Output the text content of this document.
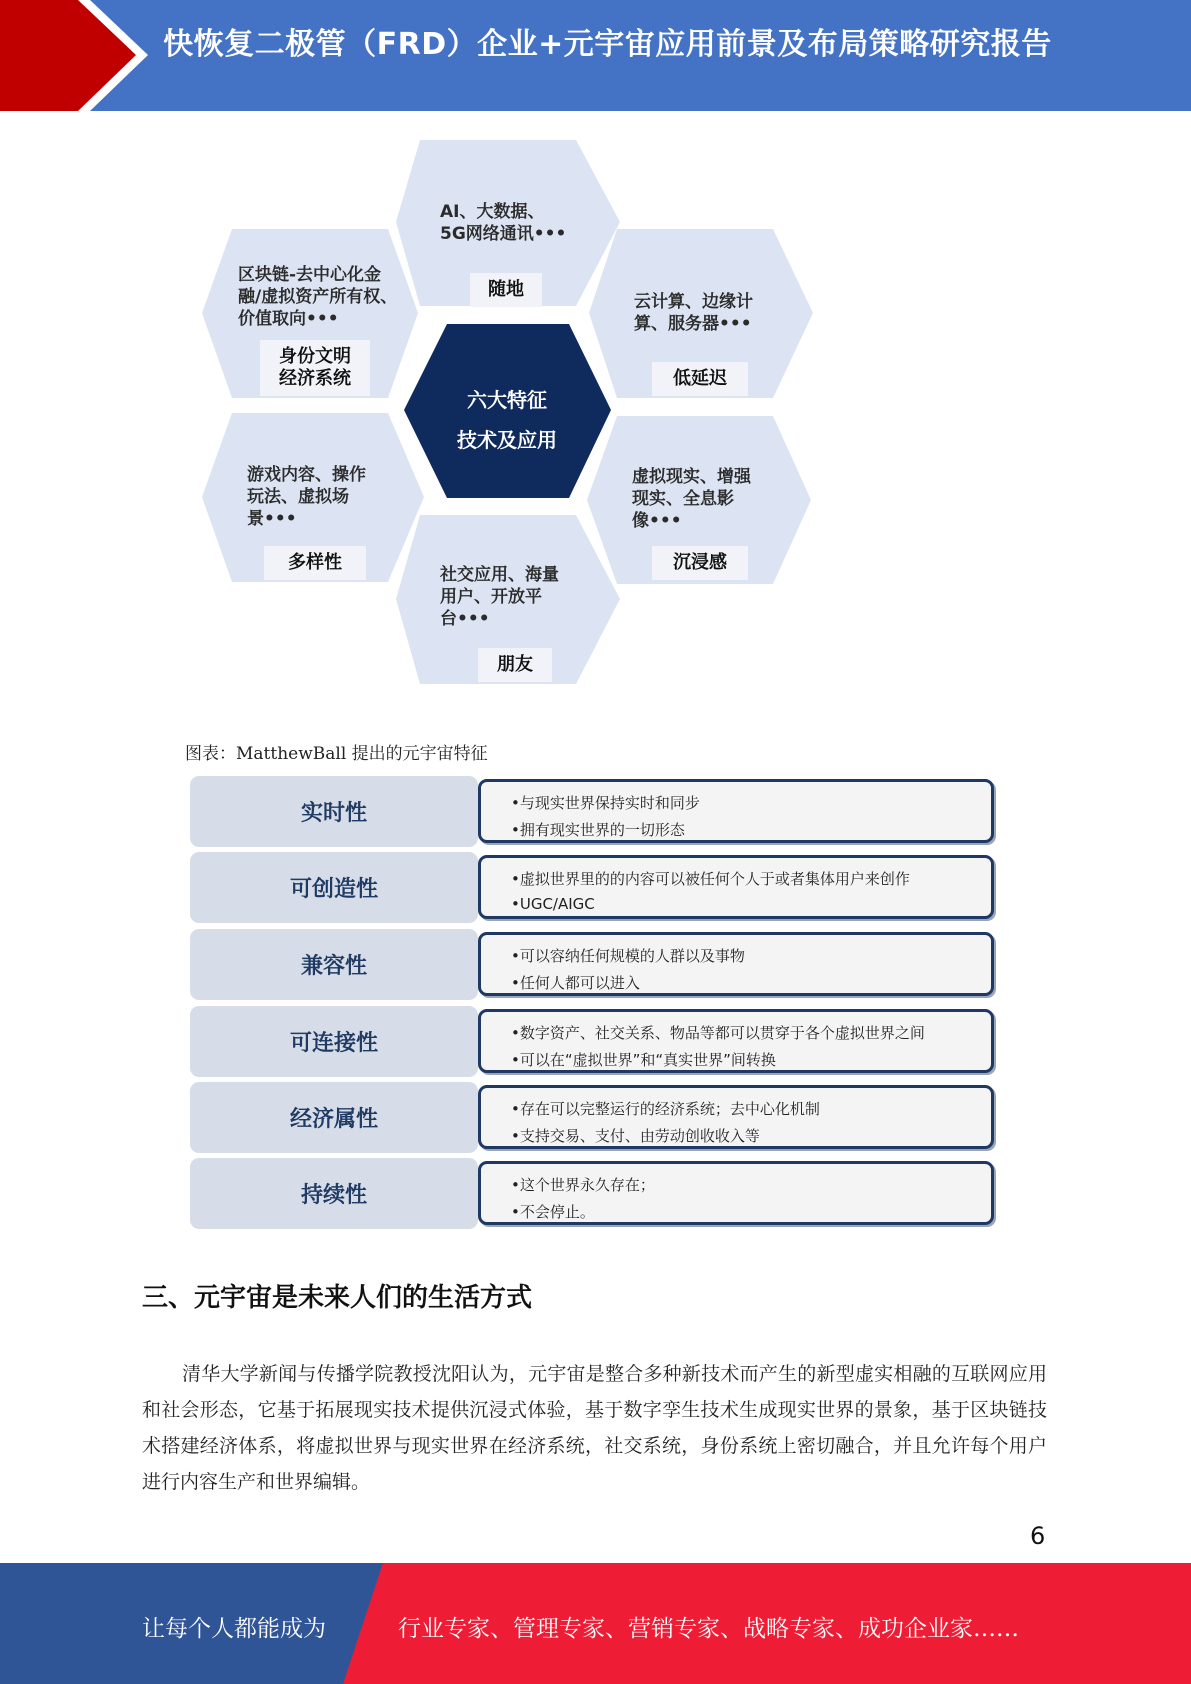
快恢复二极管（FRD）企业+元宇宙应用前景及布局策略研究报告
AI、大数据、
5G网络通讯•••
随地
区块链-去中心化金
融/虚拟资产所有权、
价值取向•••
身份文明
经济系统
云计算、边缘计
算、服务器•••
低延迟
游戏内容、操作
玩法、虚拟场
景•••
多样性
虚拟现实、增强
现实、全息影
像•••
沉浸感
社交应用、海量
用户、开放平
台•••
朋友
六大特征
技术及应用
图表：MatthewBall 提出的元宇宙特征
实时性	•与现实世界保持实时和同步
•拥有现实世界的一切形态
可创造性	•虚拟世界里的的内容可以被任何个人于或者集体用户来创作
•UGC/AIGC
兼容性	•可以容纳任何规模的人群以及事物
•任何人都可以进入
可连接性	•数字资产、社交关系、物品等都可以贯穿于各个虚拟世界之间
•可以在“虚拟世界”和“真实世界”间转换
经济属性	•存在可以完整运行的经济系统；去中心化机制
•支持交易、支付、由劳动创收收入等
持续性	•这个世界永久存在；
•不会停止。
三、元宇宙是未来人们的生活方式
清华大学新闻与传播学院教授沈阳认为，元宇宙是整合多种新技术而产生的新型虚实相融的互联网应用和社会形态，它基于拓展现实技术提供沉浸式体验，基于数字孪生技术生成现实世界的景象，基于区块链技术搭建经济体系，将虚拟世界与现实世界在经济系统，社交系统，身份系统上密切融合，并且允许每个用户进行内容生产和世界编辑。
6
让每个人都能成为	行业专家、管理专家、营销专家、战略专家、成功企业家……
